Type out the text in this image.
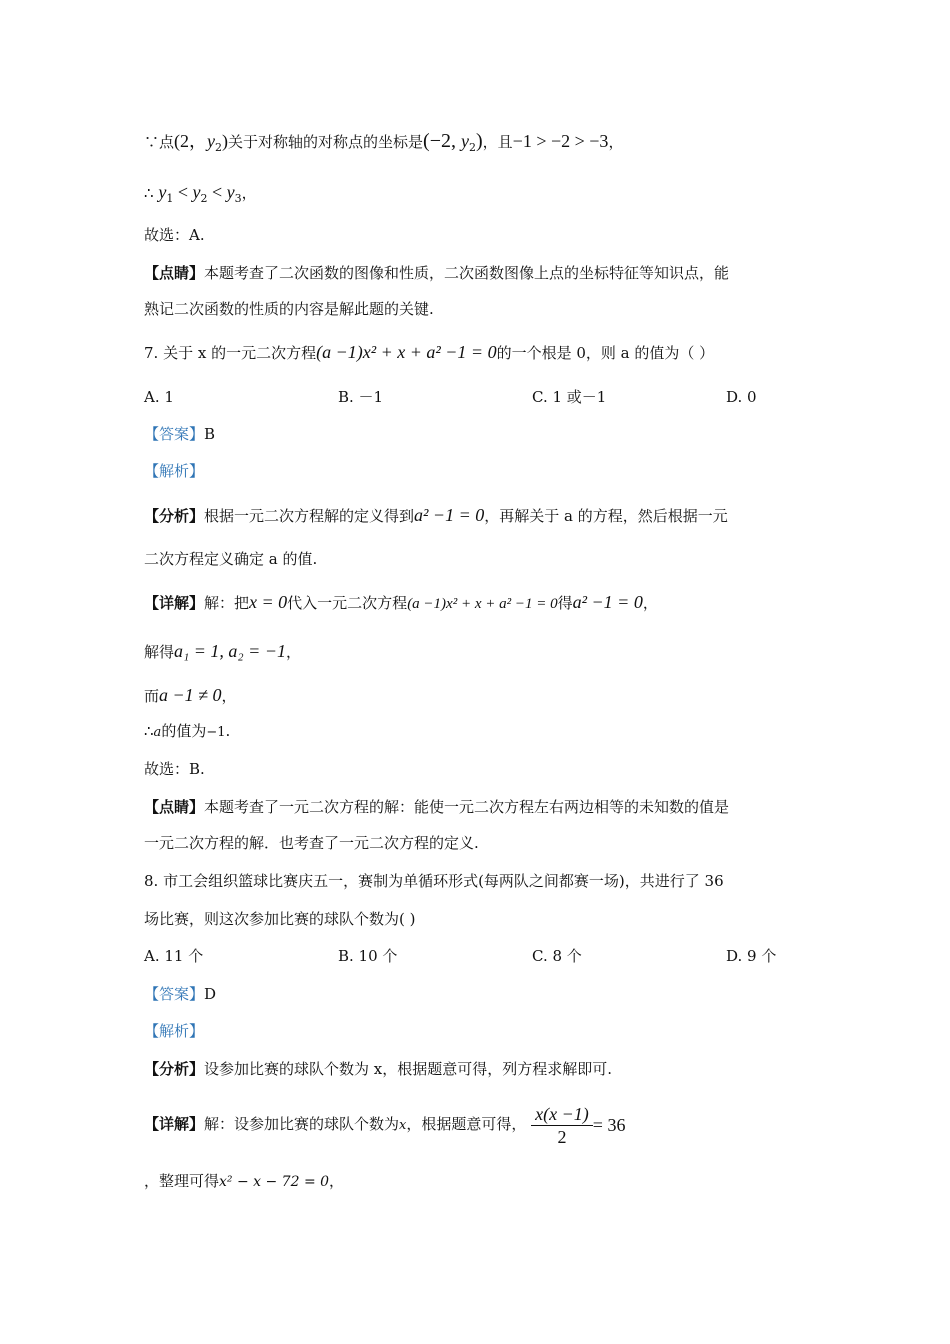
∵点(2，$y_2$)关于对称轴的对称点的坐标是(−2, $y_2$)，且−1 > −2 > −3，
∴ $y_1 < y_2 < y_3$，
故选：A.
【点睛】本题考查了二次函数的图像和性质，二次函数图像上点的坐标特征等知识点，能
熟记二次函数的性质的内容是解此题的关键.
7. 关于 x 的一元二次方程(a −1)x² + x + a² −1 = 0的一个根是 0，则 a 的值为（ ）
A. 1	B. －1	C. 1 或－1	D. 0
【答案】B
【解析】
【分析】根据一元二次方程解的定义得到a² −1 = 0，再解关于 a 的方程，然后根据一元
二次方程定义确定 a 的值.
【详解】解：把x = 0代入一元二次方程(a −1)x² + x + a² −1 = 0得a² −1 = 0，
解得a₁ = 1, a₂ = −1，
而a −1 ≠ 0，
∴a的值为−1.
故选：B.
【点睛】本题考查了一元二次方程的解：能使一元二次方程左右两边相等的未知数的值是
一元二次方程的解．也考查了一元二次方程的定义.
8. 市工会组织篮球比赛庆五一，赛制为单循环形式(每两队之间都赛一场)，共进行了 36
场比赛，则这次参加比赛的球队个数为( )
A. 11 个	B. 10 个	C. 8 个	D. 9 个
【答案】D
【解析】
【分析】设参加比赛的球队个数为 x，根据题意可得，列方程求解即可.
【详解】解：设参加比赛的球队个数为x，根据题意可得， $\frac{x(x -1)}{2} = 36$
，整理可得x² − x − 72 = 0，
